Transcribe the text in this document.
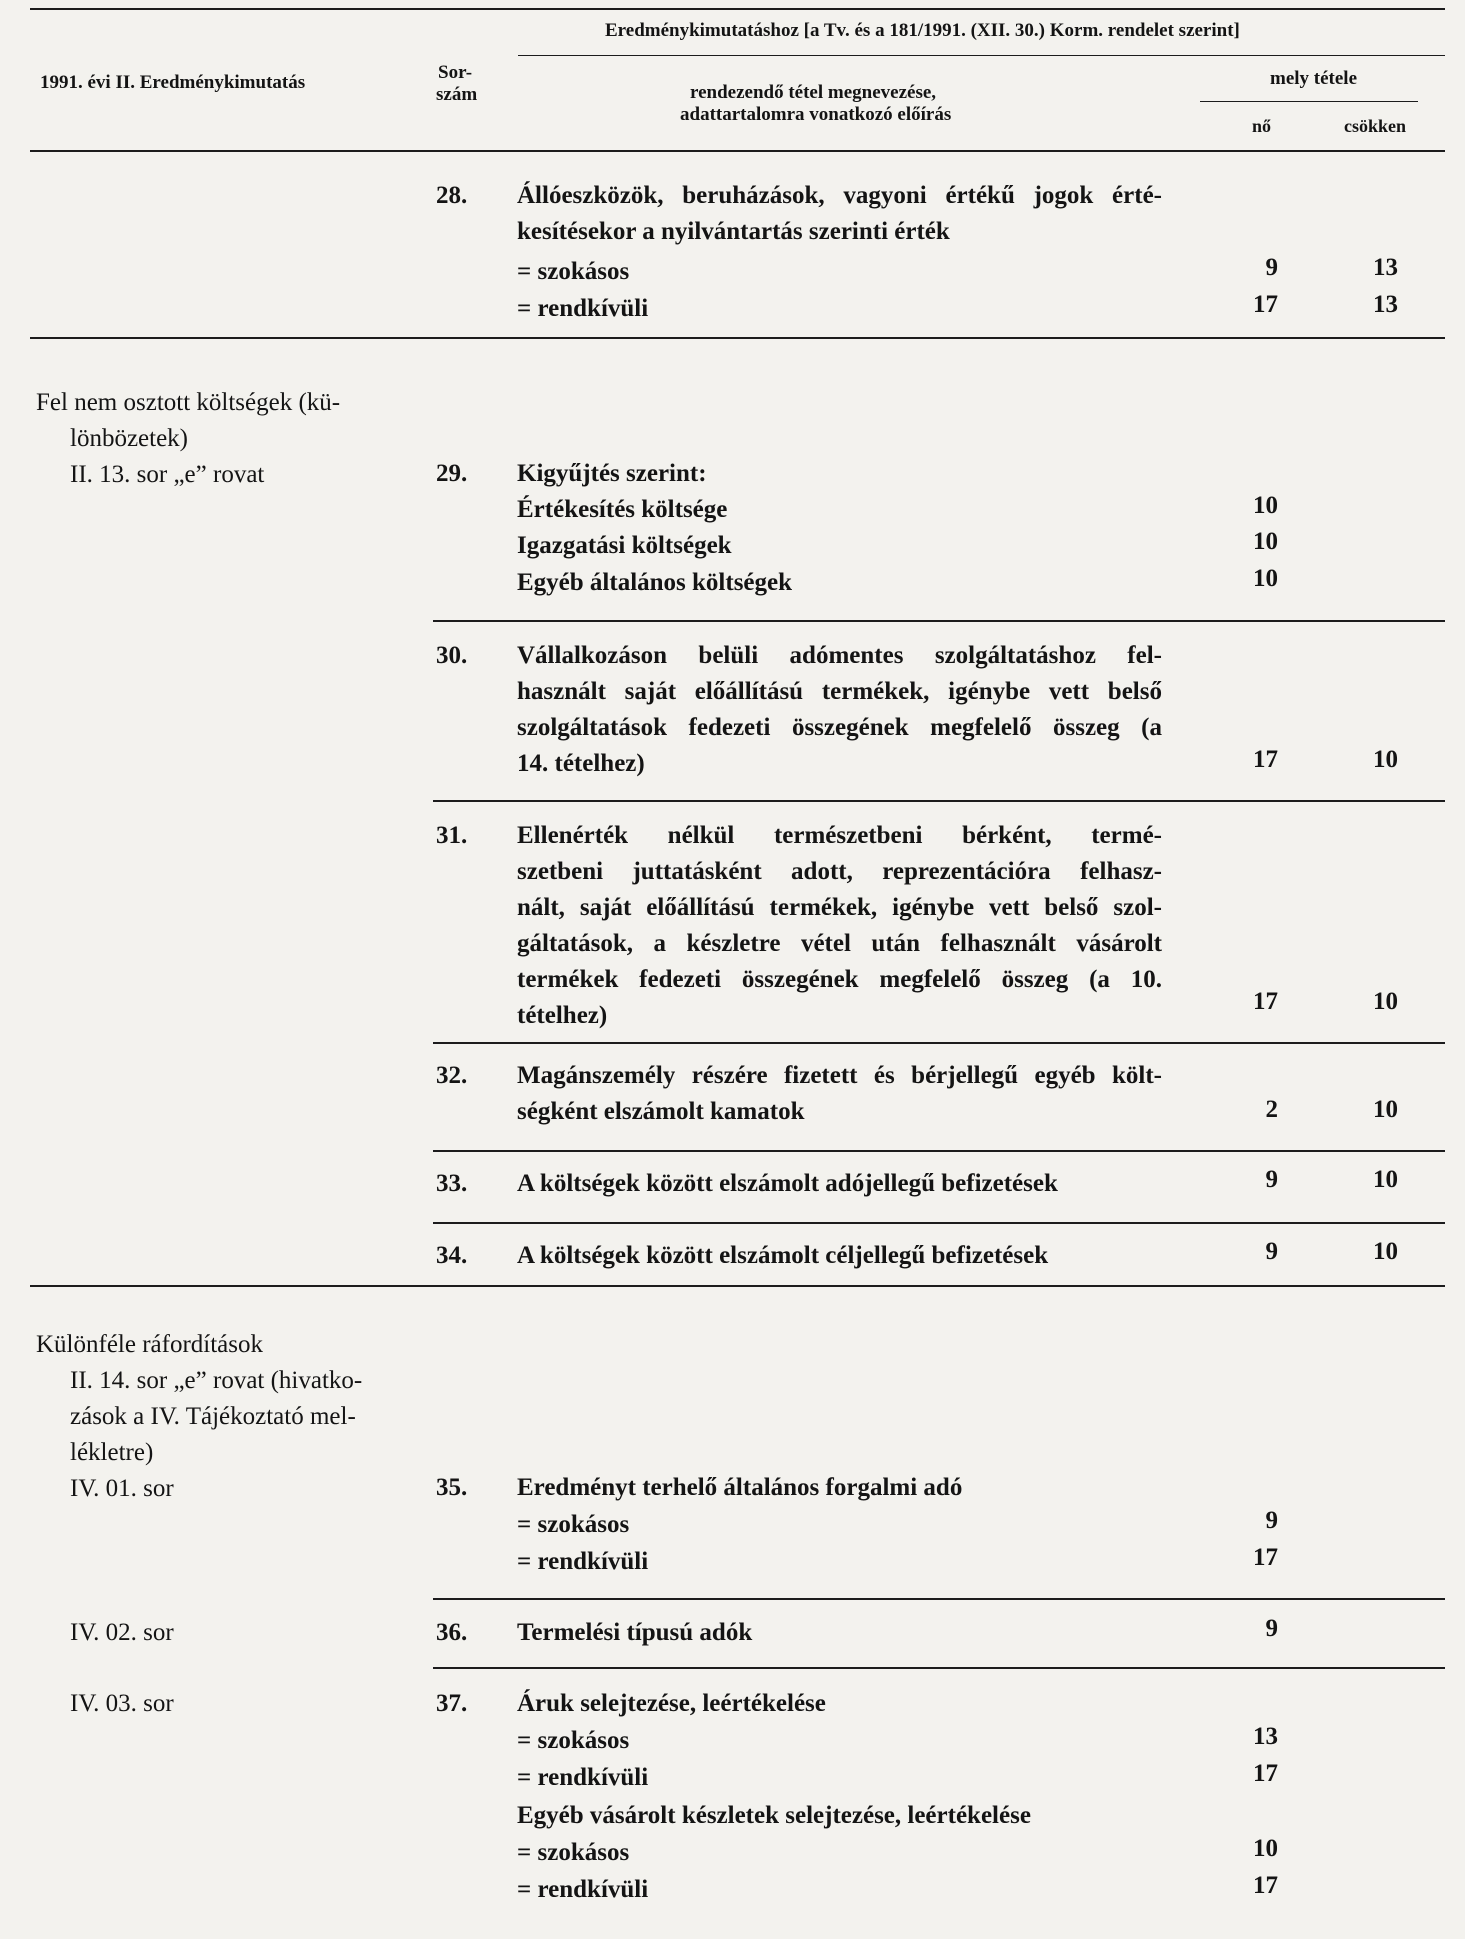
Eredménykimutatáshoz [a Tv. és a 181/1991. (XII. 30.) Korm. rendelet szerint]
1991. évi II. Eredménykimutatás	Sor-
szám	rendezendő tétel megnevezése,
adattartalomra vonatkozó előírás
mely tétele
nő	csökken
28. Állóeszközök, beruházások, vagyoni értékű jogok érté-
kesítésekor a nyilvántartás szerinti érték
= szokásos	9	13
= rendkívüli	17	13
Fel nem osztott költségek (kü-
lönbözetek)
II. 13. sor „e” rovat	29. Kigyűjtés szerint:
Értékesítés költsége	10
Igazgatási költségek	10
Egyéb általános költségek	10
30. Vállalkozáson belüli adómentes szolgáltatáshoz fel-
használt saját előállítású termékek, igénybe vett belső
szolgáltatások fedezeti összegének megfelelő összeg (a
14. tételhez)	17	10
31. Ellenérték nélkül természetbeni bérként, termé-
szetbeni juttatásként adott, reprezentációra felhasz-
nált, saját előállítású termékek, igénybe vett belső szol-
gáltatások, a készletre vétel után felhasznált vásárolt
termékek fedezeti összegének megfelelő összeg (a 10.
tételhez)
17	10
32. Magánszemély részére fizetett és bérjellegű egyéb költ-
ségként elszámolt kamatok	2	10
33. A költségek között elszámolt adójellegű befizetések	9	10
34. A költségek között elszámolt céljellegű befizetések	9	10
Különféle ráfordítások
II. 14. sor „e” rovat (hivatko-
zások a IV. Tájékoztató mel-
lékletre)
IV. 01. sor	35. Eredményt terhelő általános forgalmi adó
= szokásos	9
= rendkívüli	17
IV. 02. sor	36. Termelési típusú adók	9
IV. 03. sor	37. Áruk selejtezése, leértékelése
= szokásos	13
= rendkívüli	17
Egyéb vásárolt készletek selejtezése, leértékelése
= szokásos	10
= rendkívüli	17
